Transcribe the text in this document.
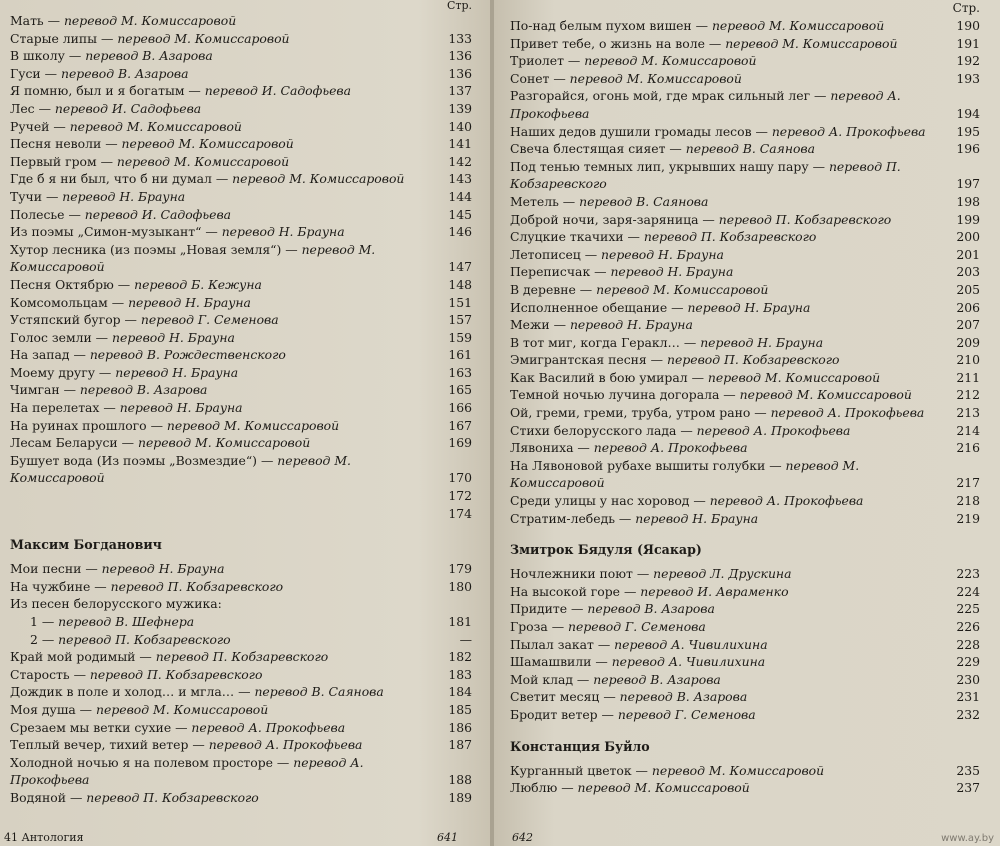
Стр.
Мать — перевод М. Комиссаровой
Старые липы — перевод М. Комиссаровой	133
В школу — перевод В. Азарова	136
Гуси — перевод В. Азарова	136
Я помню, был и я богатым — перевод И. Садофьева	137
Лес — перевод И. Садофьева	139
Ручей — перевод М. Комиссаровой	140
Песня неволи — перевод М. Комиссаровой	141
Первый гром — перевод М. Комиссаровой	142
Где б я ни был, что б ни думал — перевод М. Комиссаровой	143
Тучи — перевод Н. Брауна	144
Полесье — перевод И. Садофьева	145
Из поэмы „Симон-музыкант“ — перевод Н. Брауна	146
Хутор лесника (из поэмы „Новая земля“) — перевод М. Комиссаровой	147
Песня Октябрю — перевод Б. Кежуна	148
Комсомольцам — перевод Н. Брауна	151
Устяпский бугор — перевод Г. Семенова	157
Голос земли — перевод Н. Брауна	159
На запад — перевод В. Рождественского	161
Моему другу — перевод Н. Брауна	163
Чимган — перевод В. Азарова	165
На перелетах — перевод Н. Брауна	166
На руинах прошлого — перевод М. Комиссаровой	167
Лесам Беларуси — перевод М. Комиссаровой	169
Бушует вода (Из поэмы „Возмездие“) — перевод М. Комиссаровой	170
172
174
Максим Богданович
Мои песни — перевод Н. Брауна	179
На чужбине — перевод П. Кобзаревского	180
Из песен белорусского мужика:
1 — перевод В. Шефнера	181
2 — перевод П. Кобзаревского	—
Край мой родимый — перевод П. Кобзаревского	182
Старость — перевод П. Кобзаревского	183
Дождик в поле и холод… и мгла… — перевод В. Саянова	184
Моя душа — перевод М. Комиссаровой	185
Срезаем мы ветки сухие — перевод А. Прокофьева	186
Теплый вечер, тихий ветер — перевод А. Прокофьева	187
Холодной ночью я на полевом просторе — перевод А. Прокофьева	188
Водяной — перевод П. Кобзаревского	189
41 Антология	641
Стр.
По-над белым пухом вишен — перевод М. Комиссаровой	190
Привет тебе, о жизнь на воле — перевод М. Комиссаровой	191
Триолет — перевод М. Комиссаровой	192
Сонет — перевод М. Комиссаровой	193
Разгорайся, огонь мой, где мрак сильный лег — перевод А. Прокофьева	194
Наших дедов душили громады лесов — перевод А. Прокофьева	195
Свеча блестящая сияет — перевод В. Саянова	196
Под тенью темных лип, укрывших нашу пару — перевод П. Кобзаревского	197
Метель — перевод В. Саянова	198
Доброй ночи, заря-заряница — перевод П. Кобзаревского	199
Слуцкие ткачихи — перевод П. Кобзаревского	200
Летописец — перевод Н. Брауна	201
Переписчак — перевод Н. Брауна	203
В деревне — перевод М. Комиссаровой	205
Исполненное обещание — перевод Н. Брауна	206
Межи — перевод Н. Брауна	207
В тот миг, когда Геракл… — перевод Н. Брауна	209
Эмигрантская песня — перевод П. Кобзаревского	210
Как Василий в бою умирал — перевод М. Комиссаровой	211
Темной ночью лучина догорала — перевод М. Комиссаровой	212
Ой, греми, греми, труба, утром рано — перевод А. Прокофьева	213
Стихи белорусского лада — перевод А. Прокофьева	214
Лявониха — перевод А. Прокофьева	216
На Лявоновой рубахе вышиты голубки — перевод М. Комиссаровой	217
Среди улицы у нас хоровод — перевод А. Прокофьева	218
Стратим-лебедь — перевод Н. Брауна	219
Змитрок Бядуля (Ясакар)
Ночлежники поют — перевод Л. Друскина	223
На высокой горе — перевод И. Авраменко	224
Придите — перевод В. Азарова	225
Гроза — перевод Г. Семенова	226
Пылал закат — перевод А. Чивилихина	228
Шамашвили — перевод А. Чивилихина	229
Мой клад — перевод В. Азарова	230
Светит месяц — перевод В. Азарова	231
Бродит ветер — перевод Г. Семенова	232
Констанция Буйло
Курганный цветок — перевод М. Комиссаровой	235
Люблю — перевод М. Комиссаровой	237
642	www.ay.by
